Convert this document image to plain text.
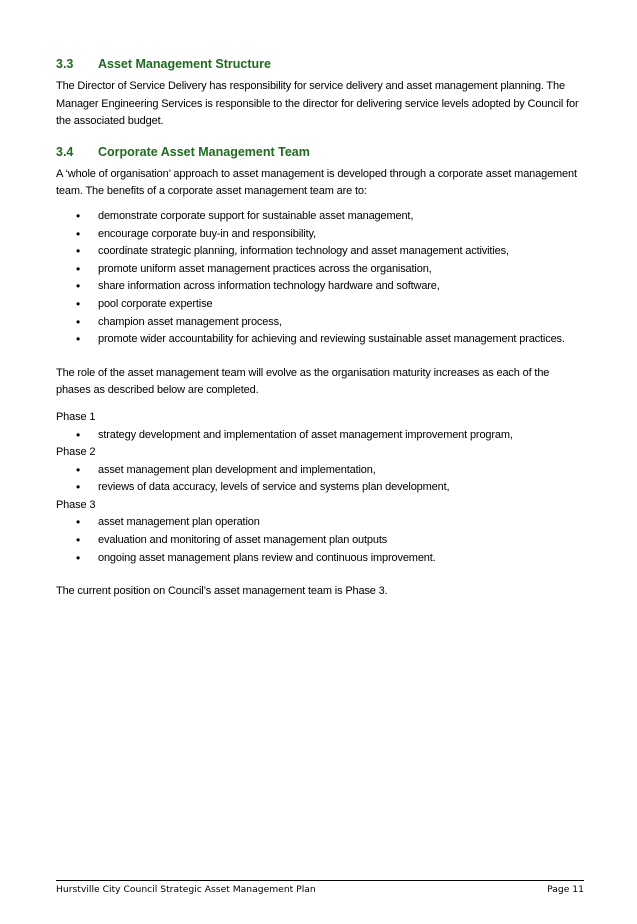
3.3	Asset Management Structure

The Director of Service Delivery has responsibility for service delivery and asset management planning. The Manager Engineering Services is responsible to the director for delivering service levels adopted by Council for the associated budget.

3.4	Corporate Asset Management Team

A ‘whole of organisation’ approach to asset management is developed through a corporate asset management team. The benefits of a corporate asset management team are to:

• demonstrate corporate support for sustainable asset management,
• encourage corporate buy-in and responsibility,
• coordinate strategic planning, information technology and asset management activities,
• promote uniform asset management practices across the organisation,
• share information across information technology hardware and software,
• pool corporate expertise
• champion asset management process,
• promote wider accountability for achieving and reviewing sustainable asset management practices.

The role of the asset management team will evolve as the organisation maturity increases as each of the phases as described below are completed.

Phase 1

• strategy development and implementation of asset management improvement program,

Phase 2

• asset management plan development and implementation,
• reviews of data accuracy, levels of service and systems plan development,

Phase 3

• asset management plan operation
• evaluation and monitoring of asset management plan outputs
• ongoing asset management plans review and continuous improvement.

The current position on Council’s asset management team is Phase 3.

Hurstville City Council Strategic Asset Management Plan	Page 11
